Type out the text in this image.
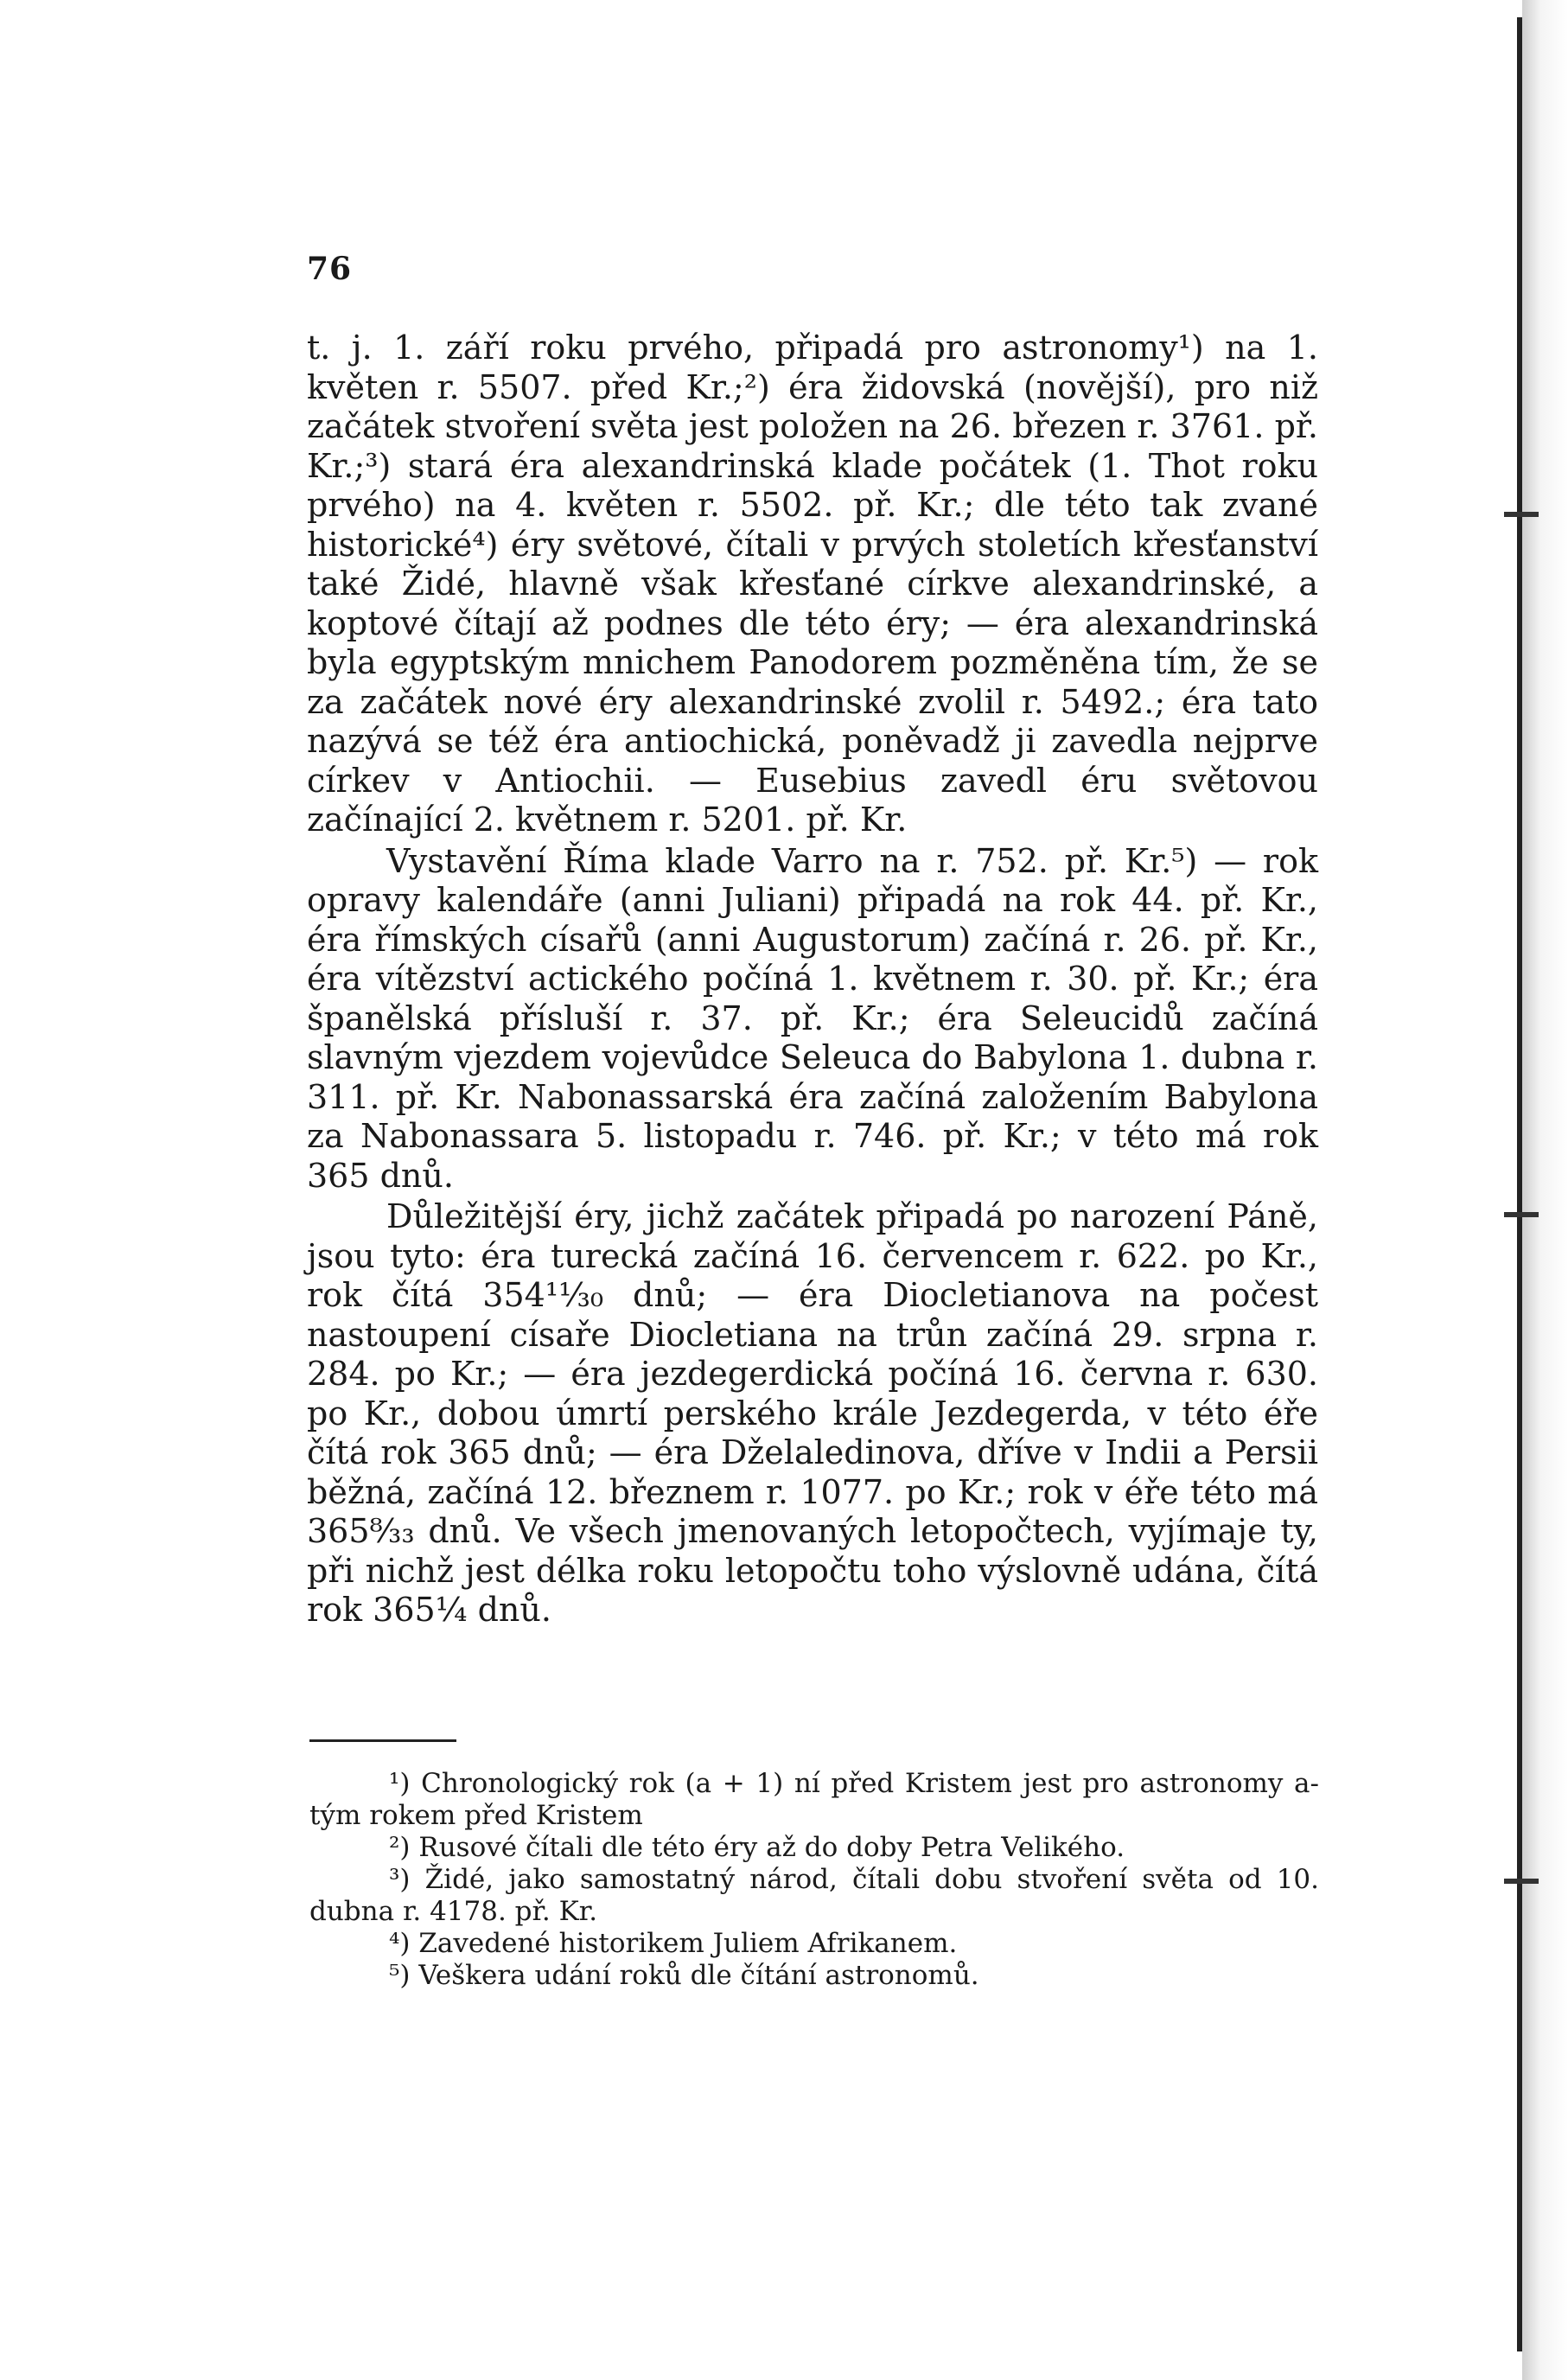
76

t. j. 1. září roku prvého, připadá pro astronomy¹) na 1. květen r. 5507. před Kr.;²) éra židovská (novější), pro niž začátek stvoření světa jest položen na 26. březen r. 3761. př. Kr.;³) stará éra alexandrinská klade počátek (1. Thot roku prvého) na 4. květen r. 5502. př. Kr.; dle této tak zvané historické⁴) éry světové, čítali v prvých stoletích křesťanství také Židé, hlavně však křesťané církve alexandrinské, a koptové čítají až podnes dle této éry; — éra alexandrinská byla egyptským mnichem Panodorem pozměněna tím, že se za začátek nové éry alexandrinské zvolil r. 5492.; éra tato nazývá se též éra antiochická, poněvadž ji zavedla nejprve církev v Antiochii. — Eusebius zavedl éru světovou začínající 2. květnem r. 5201. př. Kr.

Vystavění Říma klade Varro na r. 752. př. Kr.⁵) — rok opravy kalendáře (anni Juliani) připadá na rok 44. př. Kr., éra římských císařů (anni Augustorum) začíná r. 26. př. Kr., éra vítězství actického počíná 1. květnem r. 30. př. Kr.; éra španělská přísluší r. 37. př. Kr.; éra Seleucidů začíná slavným vjezdem vojevůdce Seleuca do Babylona 1. dubna r. 311. př. Kr. Nabonassarská éra začíná založením Babylona za Nabonassara 5. listopadu r. 746. př. Kr.; v této má rok 365 dnů.

Důležitější éry, jichž začátek připadá po narození Páně, jsou tyto: éra turecká začíná 16. červencem r. 622. po Kr., rok čítá 354¹¹⁄₃₀ dnů; — éra Diocletianova na počest nastoupení císaře Diocletiana na trůn začíná 29. srpna r. 284. po Kr.; — éra jezdegerdická počíná 16. června r. 630. po Kr., dobou úmrtí perského krále Jezdegerda, v této éře čítá rok 365 dnů; — éra Dželaledinova, dříve v Indii a Persii běžná, začíná 12. březnem r. 1077. po Kr.; rok v éře této má 365⁸⁄₃₃ dnů. Ve všech jmenovaných letopočtech, vyjímaje ty, při nichž jest délka roku letopočtu toho výslovně udána, čítá rok 365¼ dnů.

¹) Chronologický rok (a + 1) ní před Kristem jest pro astronomy a-tým rokem před Kristem
²) Rusové čítali dle této éry až do doby Petra Velikého.
³) Židé, jako samostatný národ, čítali dobu stvoření světa od 10. dubna r. 4178. př. Kr.
⁴) Zavedené historikem Juliem Afrikanem.
⁵) Veškera udání roků dle čítání astronomů.
